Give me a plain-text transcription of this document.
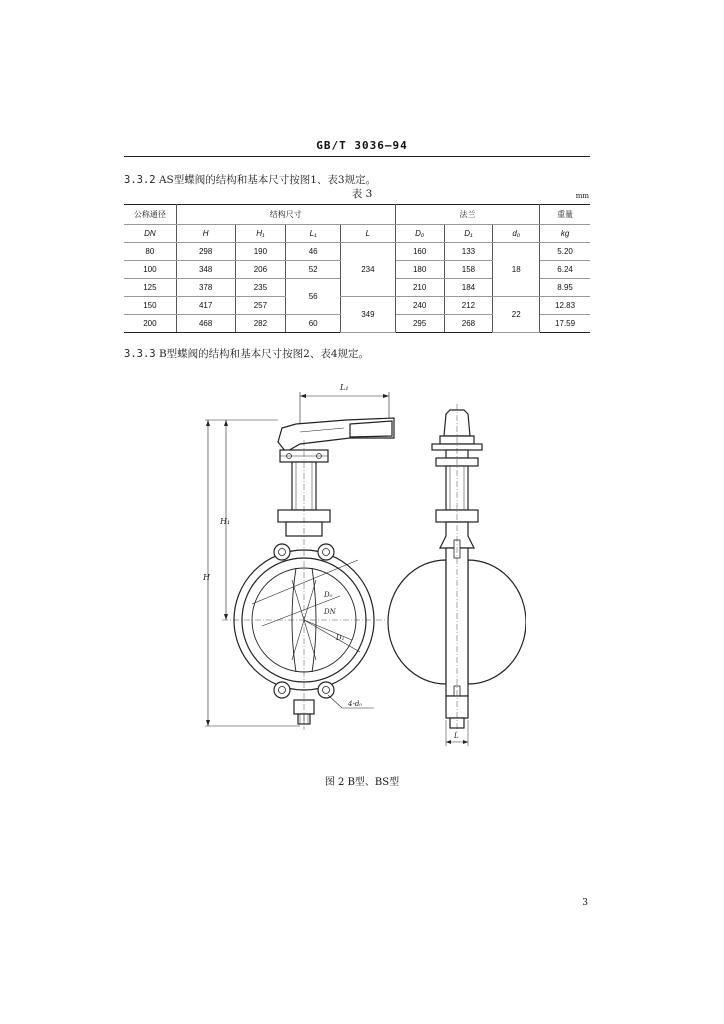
GB/T 3036—94
3.3.2 AS型蝶阀的结构和基本尺寸按图1、表3规定。
表 3	mm
公称通径	结构尺寸				法兰			重量
DN	H	H₁	L₁	L	D₀	D₁	d₀	kg
80	298	190	46	234	160	133	18	5.20
100	348	206	52		180	158		6.24
125	378	235	56		210	184		8.95
150	417	257		349	240	212	22	12.83
200	468	282	60		295	268		17.59
3.3.3 B型蝶阀的结构和基本尺寸按图2、表4规定。
L₁
D₀
DN
D₁
4-d₀
H
H₁
L
图 2 B型、BS型
3
